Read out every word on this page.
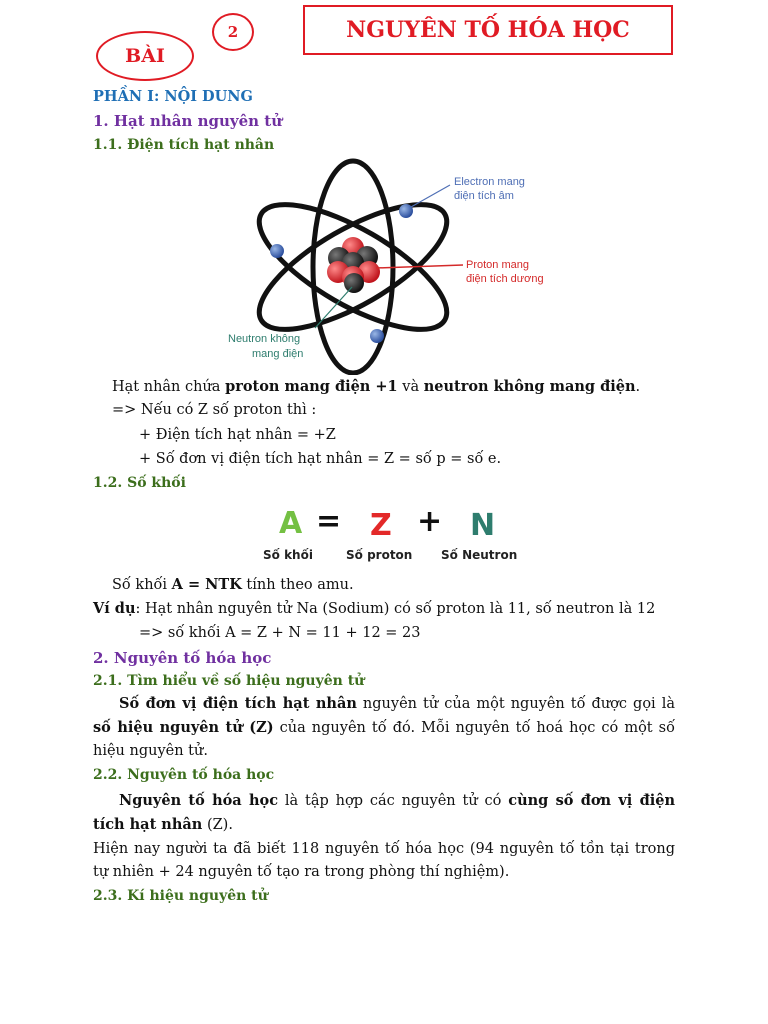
BÀI
2	NGUYÊN TỐ HÓA HỌC
PHẦN I: NỘI DUNG
1. Hạt nhân nguyên tử
1.1. Điện tích hạt nhân
Electron mang
điện tích âm
Proton mang
điện tích dương
Neutron không
mang điện
Hạt nhân chứa proton mang điện +1 và neutron không mang điện.
=> Nếu có Z số proton thì :
+ Điện tích hạt nhân = +Z
+ Số đơn vị điện tích hạt nhân = Z = số p = số e.
1.2. Số khối
A = Z + N
Số khối	Số proton Số Neutron
Số khối A = NTK tính theo amu.
Ví dụ: Hạt nhân nguyên tử Na (Sodium) có số proton là 11, số neutron là 12
=> số khối A = Z + N = 11 + 12 = 23
2. Nguyên tố hóa học
2.1. Tìm hiểu về số hiệu nguyên tử
Số đơn vị điện tích hạt nhân nguyên tử của một nguyên tố được gọi là số hiệu nguyên tử (Z) của nguyên tố đó. Mỗi nguyên tố hoá học có một số hiệu nguyên tử.
2.2. Nguyên tố hóa học
Nguyên tố hóa học là tập hợp các nguyên tử có cùng số đơn vị điện tích hạt nhân (Z).
Hiện nay người ta đã biết 118 nguyên tố hóa học (94 nguyên tố tồn tại trong tự nhiên + 24 nguyên tố tạo ra trong phòng thí nghiệm).
2.3. Kí hiệu nguyên tử
